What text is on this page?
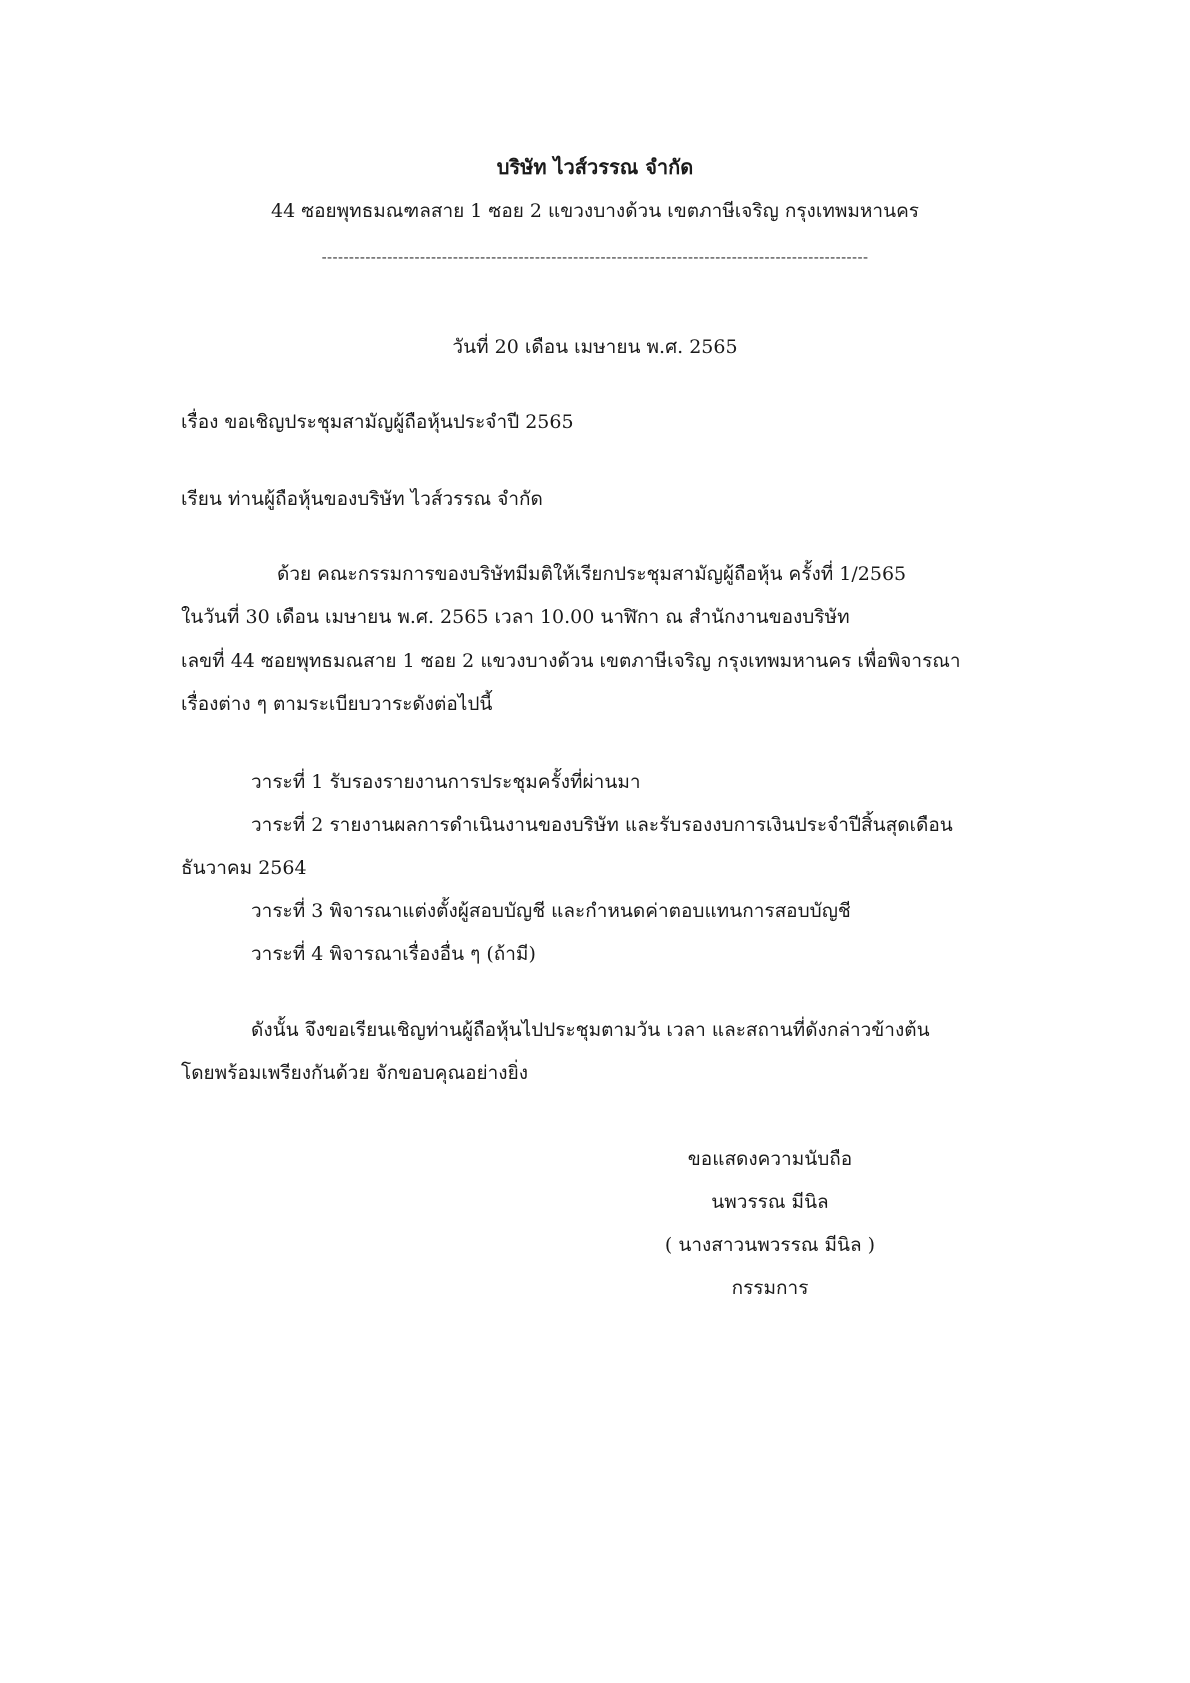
บริษัท ไวส์วรรณ จำกัด
44 ซอยพุทธมณฑลสาย 1 ซอย 2 แขวงบางด้วน เขตภาษีเจริญ กรุงเทพมหานคร
----------------------------------------------------------------------------------------------------
วันที่ 20 เดือน เมษายน พ.ศ. 2565
เรื่อง ขอเชิญประชุมสามัญผู้ถือหุ้นประจำปี 2565
เรียน ท่านผู้ถือหุ้นของบริษัท ไวส์วรรณ จำกัด
ด้วย คณะกรรมการของบริษัทมีมติให้เรียกประชุมสามัญผู้ถือหุ้น ครั้งที่ 1/2565
ในวันที่ 30 เดือน เมษายน พ.ศ. 2565 เวลา 10.00 นาฬิกา ณ สำนักงานของบริษัท
เลขที่ 44 ซอยพุทธมณสาย 1 ซอย 2 แขวงบางด้วน เขตภาษีเจริญ กรุงเทพมหานคร เพื่อพิจารณา
เรื่องต่าง ๆ ตามระเบียบวาระดังต่อไปนี้
วาระที่ 1 รับรองรายงานการประชุมครั้งที่ผ่านมา
วาระที่ 2 รายงานผลการดำเนินงานของบริษัท และรับรองงบการเงินประจำปีสิ้นสุดเดือน
ธันวาคม 2564
วาระที่ 3 พิจารณาแต่งตั้งผู้สอบบัญชี และกำหนดค่าตอบแทนการสอบบัญชี
วาระที่ 4 พิจารณาเรื่องอื่น ๆ (ถ้ามี)
ดังนั้น จึงขอเรียนเชิญท่านผู้ถือหุ้นไปประชุมตามวัน เวลา และสถานที่ดังกล่าวข้างต้น
โดยพร้อมเพรียงกันด้วย จักขอบคุณอย่างยิ่ง
ขอแสดงความนับถือ
นพวรรณ มีนิล
( นางสาวนพวรรณ มีนิล )
กรรมการ
